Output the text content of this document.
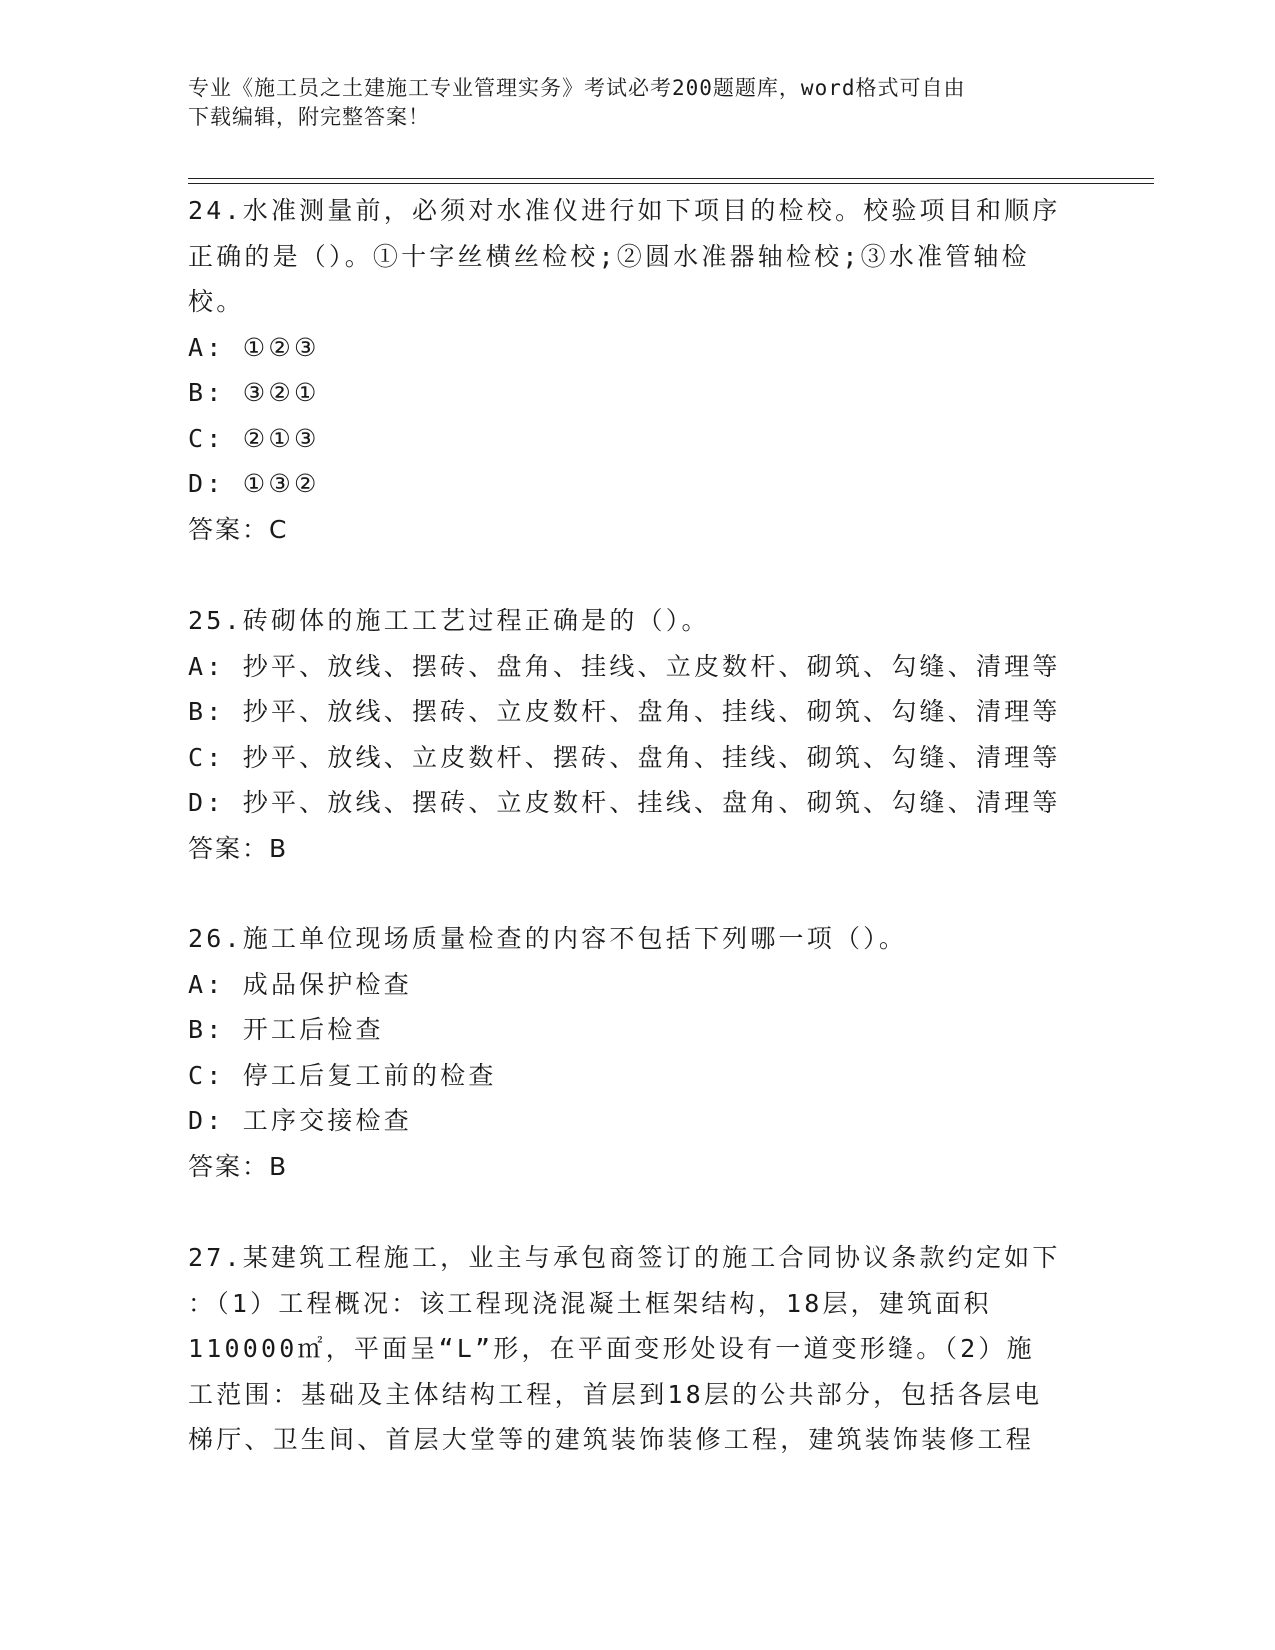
专业《施工员之土建施工专业管理实务》考试必考200题题库，word格式可自由
下载编辑，附完整答案！
24.水准测量前，必须对水准仪进行如下项目的检校。校验项目和顺序
正确的是（）。①十字丝横丝检校;②圆水准器轴检校;③水准管轴检
校。
A: ①②③
B: ③②①
C: ②①③
D: ①③②
答案：C
25.砖砌体的施工工艺过程正确是的（）。
A: 抄平、放线、摆砖、盘角、挂线、立皮数杆、砌筑、勾缝、清理等
B: 抄平、放线、摆砖、立皮数杆、盘角、挂线、砌筑、勾缝、清理等
C: 抄平、放线、立皮数杆、摆砖、盘角、挂线、砌筑、勾缝、清理等
D: 抄平、放线、摆砖、立皮数杆、挂线、盘角、砌筑、勾缝、清理等
答案：B
26.施工单位现场质量检查的内容不包括下列哪一项（）。
A: 成品保护检查
B: 开工后检查
C: 停工后复工前的检查
D: 工序交接检查
答案：B
27.某建筑工程施工，业主与承包商签订的施工合同协议条款约定如下
：（1）工程概况：该工程现浇混凝土框架结构，18层，建筑面积
110000㎡，平面呈“L”形，在平面变形处设有一道变形缝。（2）施
工范围：基础及主体结构工程，首层到18层的公共部分，包括各层电
梯厅、卫生间、首层大堂等的建筑装饰装修工程，建筑装饰装修工程
